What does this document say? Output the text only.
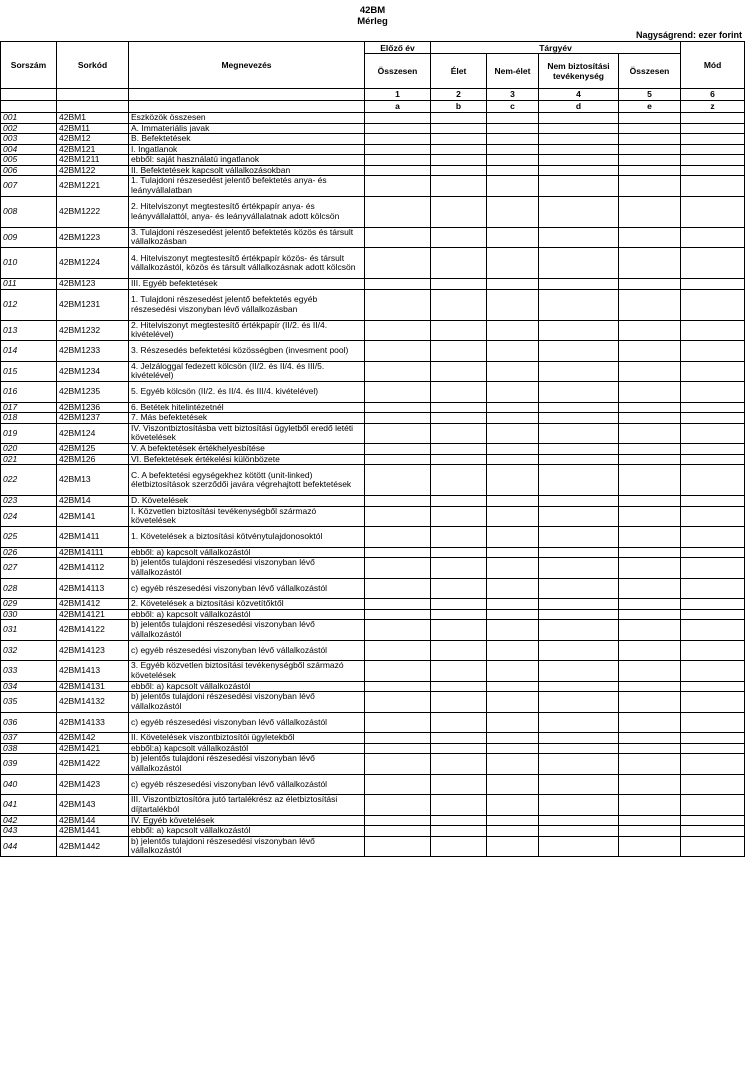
42BM
Mérleg
Nagyságrend: ezer forint
Sorszám	Sorkód	Megnevezés	Előző év	Tárgyév				Mód
			Összesen	Élet	Nem-élet	Nem biztosítási tevékenység	Összesen	
			1	2	3	4	5	6
			a	b	c	d	e	z
001	42BM1	Eszközök összesen						
002	42BM11	A. Immateriális javak						
003	42BM12	B. Befektetések						
004	42BM121	I. Ingatlanok						
005	42BM1211	ebből: saját használatú ingatlanok						
006	42BM122	II. Befektetések kapcsolt vállalkozásokban						
007	42BM1221	1. Tulajdoni részesedést jelentő befektetés anya- és leányvállalatban						
008	42BM1222	2. Hitelviszonyt megtestesítő értékpapír anya- és leányvállalattól, anya- és leányvállalatnak adott kölcsön						
009	42BM1223	3. Tulajdoni részesedést jelentő befektetés közös és társult vállalkozásban						
010	42BM1224	4. Hitelviszonyt megtestesítő értékpapír közös- és társult vállalkozástól, közös és társult vállalkozásnak adott kölcsön						
011	42BM123	III. Egyéb befektetések						
012	42BM1231	1. Tulajdoni részesedést jelentő befektetés egyéb részesedési viszonyban lévő vállalkozásban						
013	42BM1232	2. Hitelviszonyt megtestesítő értékpapír (II/2. és II/4. kivételével)						
014	42BM1233	3. Részesedés befektetési közösségben (invesment pool)						
015	42BM1234	4. Jelzáloggal fedezett kölcsön (II/2. és II/4. és III/5. kivételével)						
016	42BM1235	5. Egyéb kölcsön (II/2. és II/4. és III/4. kivételével)						
017	42BM1236	6. Betétek hitelintézetnél						
018	42BM1237	7. Más befektetések						
019	42BM124	IV. Viszontbiztosításba vett biztosítási ügyletből eredő letéti követelések						
020	42BM125	V. A befektetések értékhelyesbítése						
021	42BM126	VI. Befektetések értékelési különbözete						
022	42BM13	C. A befektetési egységekhez kötött (unit-linked) életbiztosítások szerződői javára végrehajtott befektetések						
023	42BM14	D. Követelések						
024	42BM141	I. Közvetlen biztosítási tevékenységből származó követelések						
025	42BM1411	1. Követelések a biztosítási kötvénytulajdonosoktól						
026	42BM14111	ebből: a) kapcsolt vállalkozástól						
027	42BM14112	b) jelentős tulajdoni részesedési viszonyban lévő vállalkozástól						
028	42BM14113	c) egyéb részesedési viszonyban lévő vállalkozástól						
029	42BM1412	2. Követelések a biztosítási közvetítőktől						
030	42BM14121	ebből: a) kapcsolt vállalkozástól						
031	42BM14122	b) jelentős tulajdoni részesedési viszonyban lévő vállalkozástól						
032	42BM14123	c) egyéb részesedési viszonyban lévő vállalkozástól						
033	42BM1413	3. Egyéb közvetlen biztosítási tevékenységből származó követelések						
034	42BM14131	ebből: a) kapcsolt vállalkozástól						
035	42BM14132	b) jelentős tulajdoni részesedési viszonyban lévő vállalkozástól						
036	42BM14133	c) egyéb részesedési viszonyban lévő vállalkozástól						
037	42BM142	II. Követelések viszontbiztosítói ügyletekből						
038	42BM1421	ebből:a) kapcsolt vállalkozástól						
039	42BM1422	b) jelentős tulajdoni részesedési viszonyban lévő vállalkozástól						
040	42BM1423	c) egyéb részesedési viszonyban lévő vállalkozástól						
041	42BM143	III. Viszontbiztosítóra jutó tartalékrész az életbiztosítási díjtartalékból						
042	42BM144	IV. Egyéb követelések						
043	42BM1441	ebből: a) kapcsolt vállalkozástól						
044	42BM1442	b) jelentős tulajdoni részesedési viszonyban lévő vállalkozástól						
